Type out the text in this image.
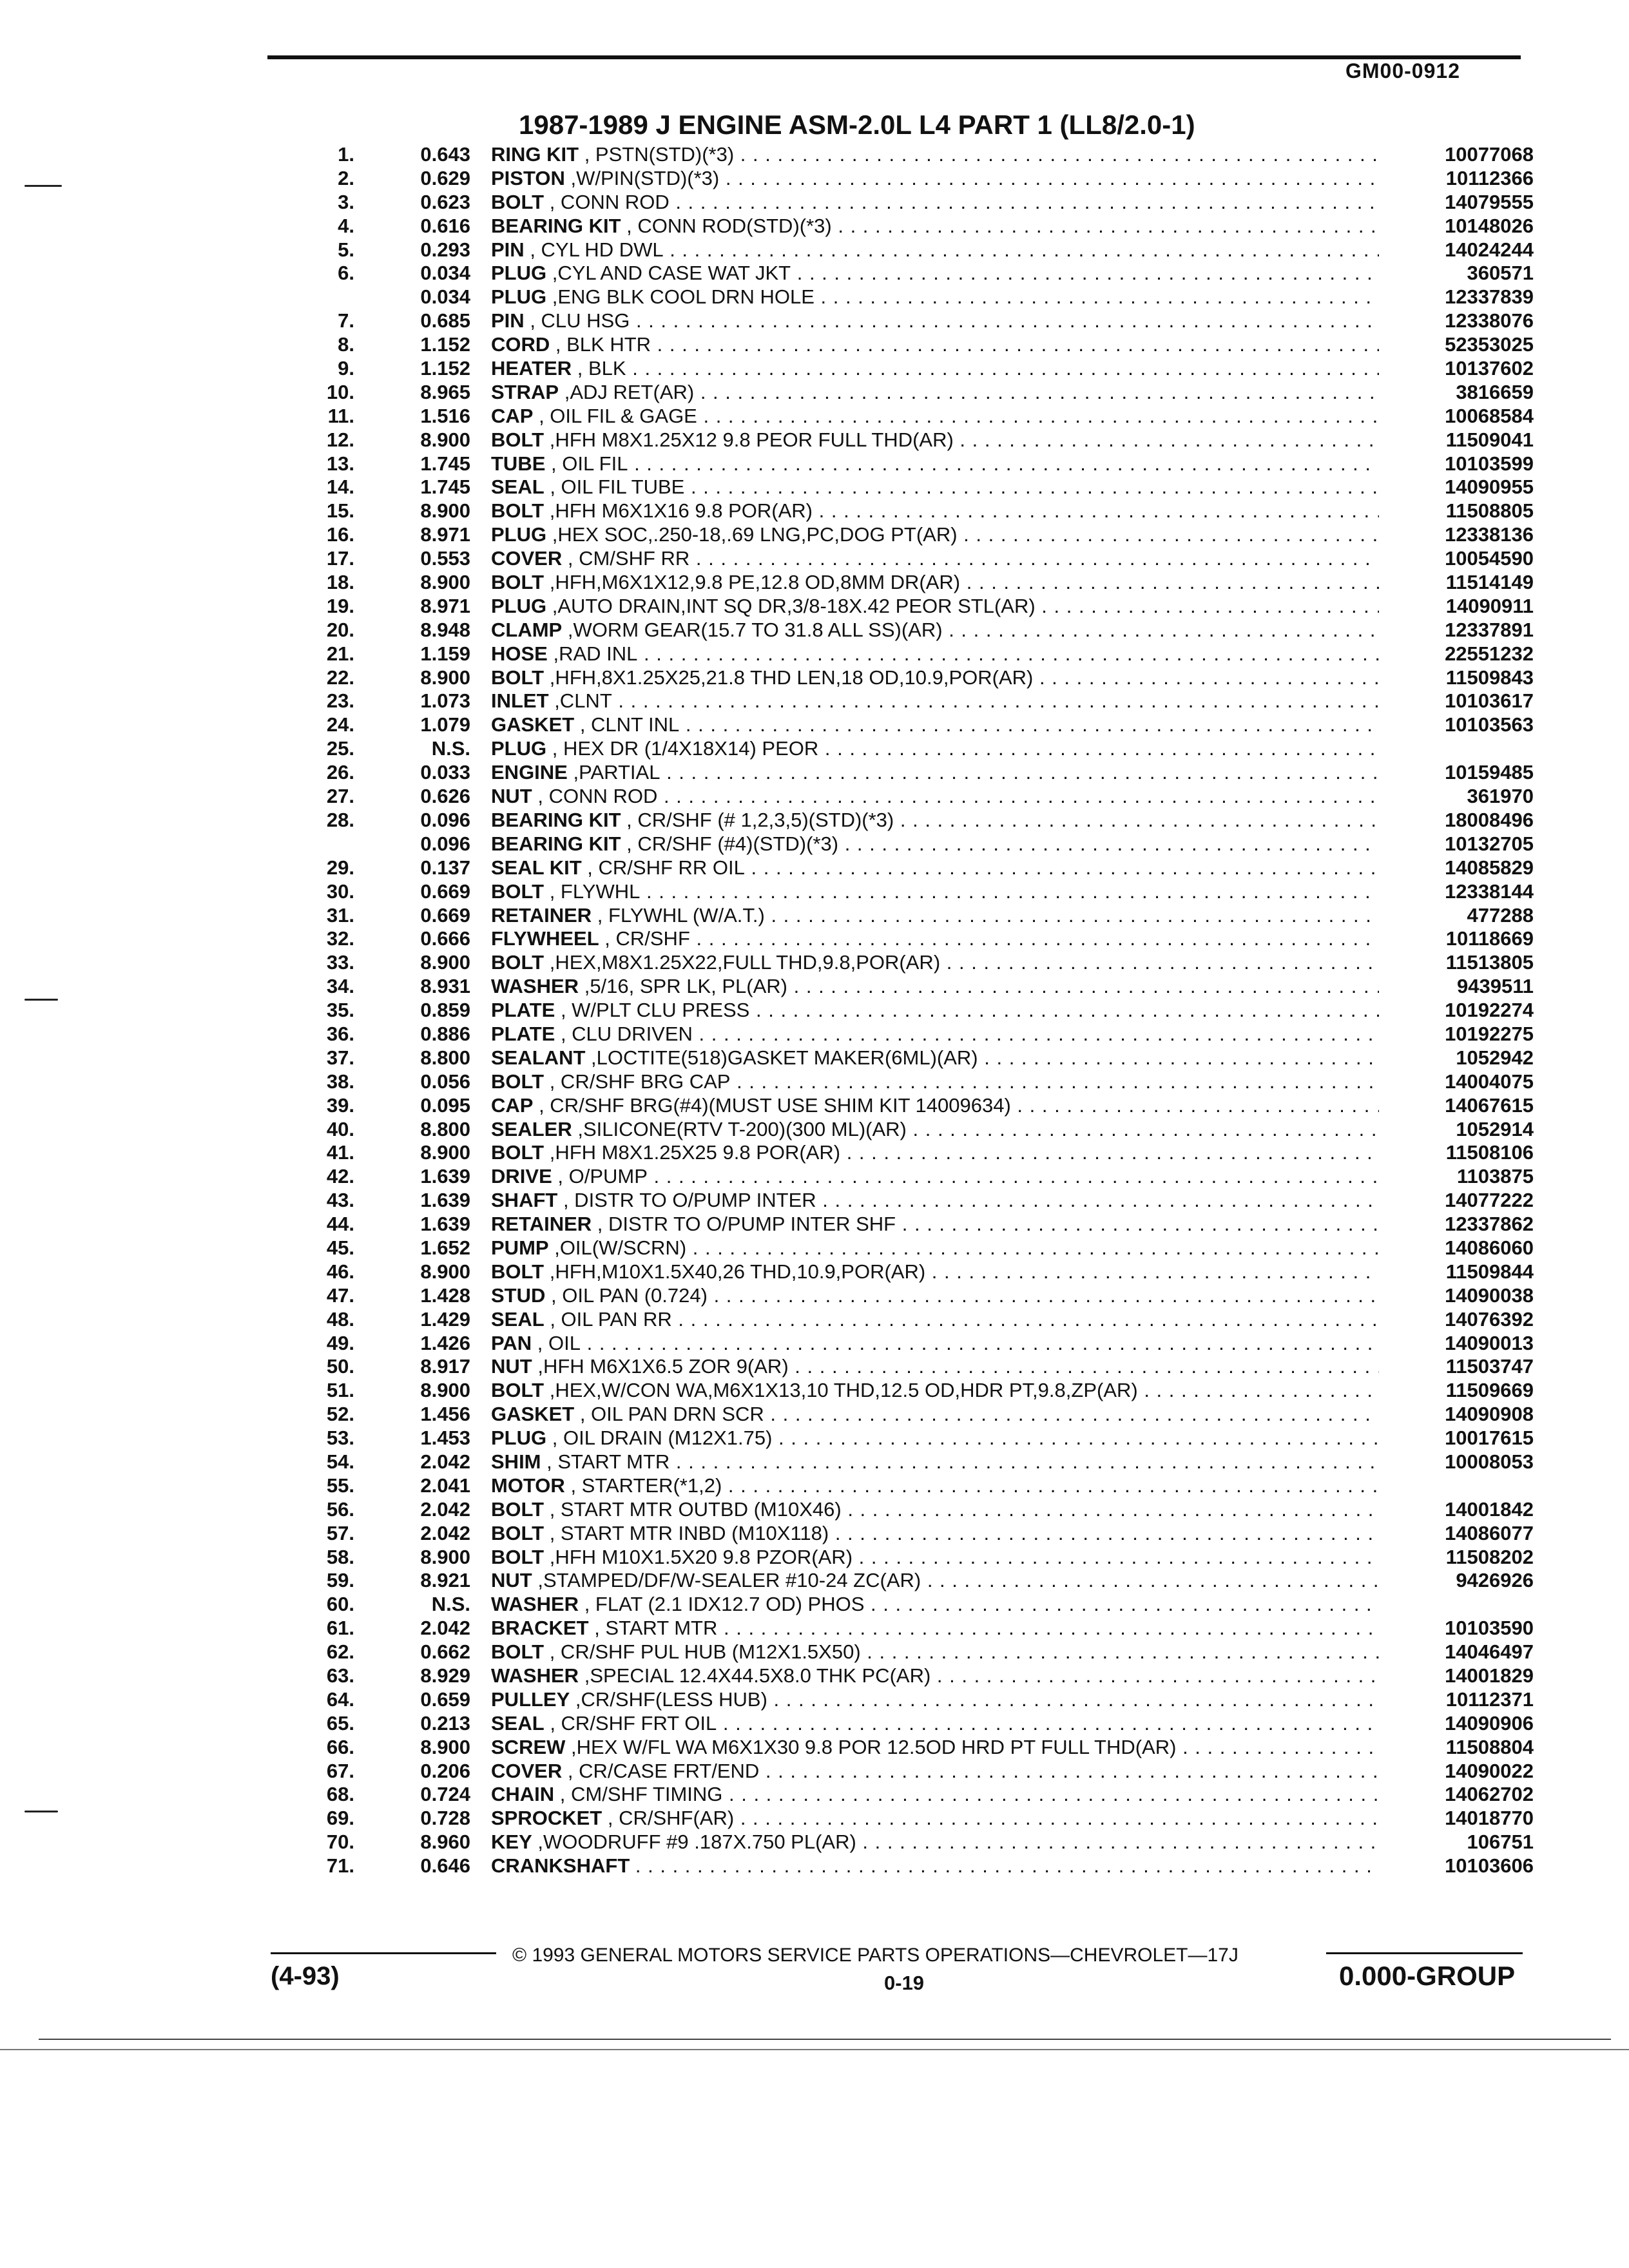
GM00-0912
1987-1989 J ENGINE ASM-2.0L L4 PART 1 (LL8/2.0-1)
1.	0.643 RING KIT , PSTN(STD)(*3) . . .	10077068
2.	0.629 PISTON ,W/PIN(STD)(*3) . . .	10112366
3.	0.623 BOLT , CONN ROD . . .	14079555
4.	0.616 BEARING KIT , CONN ROD(STD)(*3) . . .	10148026
5.	0.293 PIN , CYL HD DWL . . .	14024244
6.	0.034 PLUG ,CYL AND CASE WAT JKT . . .	360571
0.034 PLUG ,ENG BLK COOL DRN HOLE . . .	12337839
7.	0.685 PIN , CLU HSG . . .	12338076
8.	1.152 CORD , BLK HTR . . .	52353025
9.	1.152 HEATER , BLK . . .	10137602
10.	8.965 STRAP ,ADJ RET(AR) . . .	3816659
11.	1.516 CAP , OIL FIL & GAGE . . .	10068584
12.	8.900 BOLT ,HFH M8X1.25X12 9.8 PEOR FULL THD(AR) . . .	11509041
13.	1.745 TUBE , OIL FIL . . .	10103599
14.	1.745 SEAL , OIL FIL TUBE . . .	14090955
15.	8.900 BOLT ,HFH M6X1X16 9.8 POR(AR) . . .	11508805
16.	8.971 PLUG ,HEX SOC,.250-18,.69 LNG,PC,DOG PT(AR) . . .	12338136
17.	0.553 COVER , CM/SHF RR . . .	10054590
18.	8.900 BOLT ,HFH,M6X1X12,9.8 PE,12.8 OD,8MM DR(AR) . . .	11514149
19.	8.971 PLUG ,AUTO DRAIN,INT SQ DR,3/8-18X.42 PEOR STL(AR) . . .	14090911
20.	8.948 CLAMP ,WORM GEAR(15.7 TO 31.8 ALL SS)(AR) . . .	12337891
21.	1.159 HOSE ,RAD INL . . .	22551232
22.	8.900 BOLT ,HFH,8X1.25X25,21.8 THD LEN,18 OD,10.9,POR(AR) . . .	11509843
23.	1.073 INLET ,CLNT . . .	10103617
24.	1.079 GASKET , CLNT INL . . .	10103563
25.	N.S. PLUG , HEX DR (1/4X18X14) PEOR . . .
26.	0.033 ENGINE ,PARTIAL . . .	10159485
27.	0.626 NUT , CONN ROD . . .	361970
28.	0.096 BEARING KIT , CR/SHF (# 1,2,3,5)(STD)(*3) . . .	18008496
0.096 BEARING KIT , CR/SHF (#4)(STD)(*3) . . .	10132705
29.	0.137 SEAL KIT , CR/SHF RR OIL . . .	14085829
30.	0.669 BOLT , FLYWHL . . .	12338144
31.	0.669 RETAINER , FLYWHL (W/A.T.) . . .	477288
32.	0.666 FLYWHEEL , CR/SHF . . .	10118669
33.	8.900 BOLT ,HEX,M8X1.25X22,FULL THD,9.8,POR(AR) . . .	11513805
34.	8.931 WASHER ,5/16, SPR LK, PL(AR) . . .	9439511
35.	0.859 PLATE , W/PLT CLU PRESS . . .	10192274
36.	0.886 PLATE , CLU DRIVEN . . .	10192275
37.	8.800 SEALANT ,LOCTITE(518)GASKET MAKER(6ML)(AR) . . .	1052942
38.	0.056 BOLT , CR/SHF BRG CAP . . .	14004075
39.	0.095 CAP , CR/SHF BRG(#4)(MUST USE SHIM KIT 14009634) . . .	14067615
40.	8.800 SEALER ,SILICONE(RTV T-200)(300 ML)(AR) . . .	1052914
41.	8.900 BOLT ,HFH M8X1.25X25 9.8 POR(AR) . . .	11508106
42.	1.639 DRIVE , O/PUMP . . .	1103875
43.	1.639 SHAFT , DISTR TO O/PUMP INTER . . .	14077222
44.	1.639 RETAINER , DISTR TO O/PUMP INTER SHF . . .	12337862
45.	1.652 PUMP ,OIL(W/SCRN) . . .	14086060
46.	8.900 BOLT ,HFH,M10X1.5X40,26 THD,10.9,POR(AR) . . .	11509844
47.	1.428 STUD , OIL PAN (0.724) . . .	14090038
48.	1.429 SEAL , OIL PAN RR . . .	14076392
49.	1.426 PAN , OIL . . .	14090013
50.	8.917 NUT ,HFH M6X1X6.5 ZOR 9(AR) . . .	11503747
51.	8.900 BOLT ,HEX,W/CON WA,M6X1X13,10 THD,12.5 OD,HDR PT,9.8,ZP(AR) . . .	11509669
52.	1.456 GASKET , OIL PAN DRN SCR . . .	14090908
53.	1.453 PLUG , OIL DRAIN (M12X1.75) . . .	10017615
54.	2.042 SHIM , START MTR . . .	10008053
55.	2.041 MOTOR , STARTER(*1,2) . . .
56.	2.042 BOLT , START MTR OUTBD (M10X46) . . .	14001842
57.	2.042 BOLT , START MTR INBD (M10X118) . . .	14086077
58.	8.900 BOLT ,HFH M10X1.5X20 9.8 PZOR(AR) . . .	11508202
59.	8.921 NUT ,STAMPED/DF/W-SEALER #10-24 ZC(AR) . . .	9426926
60.	N.S. WASHER , FLAT (2.1 IDX12.7 OD) PHOS . . .
61.	2.042 BRACKET , START MTR . . .	10103590
62.	0.662 BOLT , CR/SHF PUL HUB (M12X1.5X50) . . .	14046497
63.	8.929 WASHER ,SPECIAL 12.4X44.5X8.0 THK PC(AR) . . .	14001829
64.	0.659 PULLEY ,CR/SHF(LESS HUB) . . .	10112371
65.	0.213 SEAL , CR/SHF FRT OIL . . .	14090906
66.	8.900 SCREW ,HEX W/FL WA M6X1X30 9.8 POR 12.5OD HRD PT FULL THD(AR) . . .	11508804
67.	0.206 COVER , CR/CASE FRT/END . . .	14090022
68.	0.724 CHAIN , CM/SHF TIMING . . .	14062702
69.	0.728 SPROCKET , CR/SHF(AR) . . .	14018770
70.	8.960 KEY ,WOODRUFF #9 .187X.750 PL(AR) . . .	106751
71.	0.646 CRANKSHAFT . . .	10103606
(4-93)
© 1993 GENERAL MOTORS SERVICE PARTS OPERATIONS—CHEVROLET—17J
0-19	0.000-GROUP
